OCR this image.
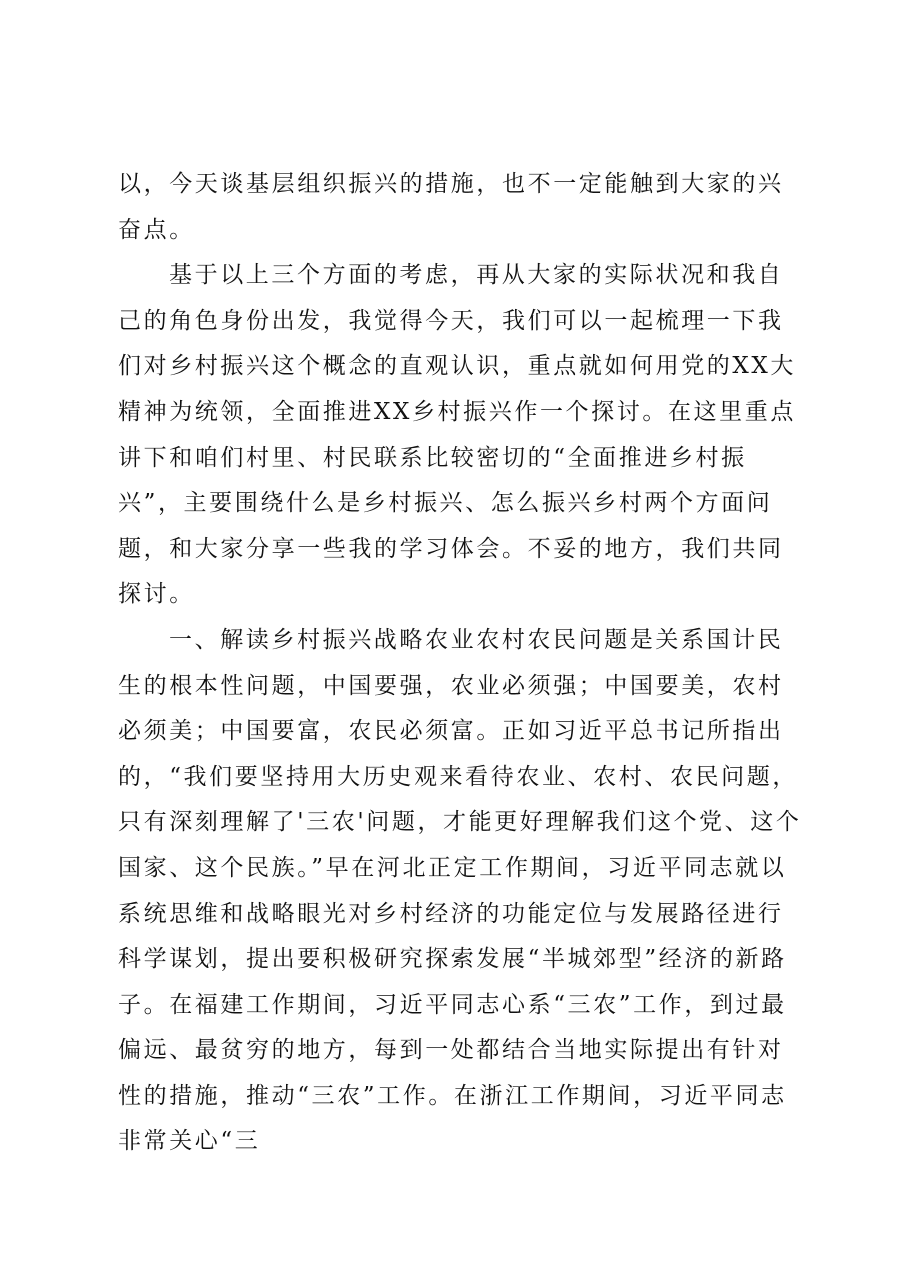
以，今天谈基层组织振兴的措施，也不一定能触到大家的兴奋点。

基于以上三个方面的考虑，再从大家的实际状况和我自己的角色身份出发，我觉得今天，我们可以一起梳理一下我们对乡村振兴这个概念的直观认识，重点就如何用党的XX大精神为统领，全面推进XX乡村振兴作一个探讨。在这里重点讲下和咱们村里、村民联系比较密切的“全面推进乡村振兴”，主要围绕什么是乡村振兴、怎么振兴乡村两个方面问题，和大家分享一些我的学习体会。不妥的地方，我们共同探讨。

一、解读乡村振兴战略农业农村农民问题是关系国计民生的根本性问题，中国要强，农业必须强；中国要美，农村必须美；中国要富，农民必须富。正如习近平总书记所指出的，“我们要坚持用大历史观来看待农业、农村、农民问题，只有深刻理解了'三农'问题，才能更好理解我们这个党、这个国家、这个民族。”早在河北正定工作期间，习近平同志就以系统思维和战略眼光对乡村经济的功能定位与发展路径进行科学谋划，提出要积极研究探索发展“半城郊型”经济的新路子。在福建工作期间，习近平同志心系“三农”工作，到过最偏远、最贫穷的地方，每到一处都结合当地实际提出有针对性的措施，推动“三农”工作。在浙江工作期间，习近平同志非常关心“三
